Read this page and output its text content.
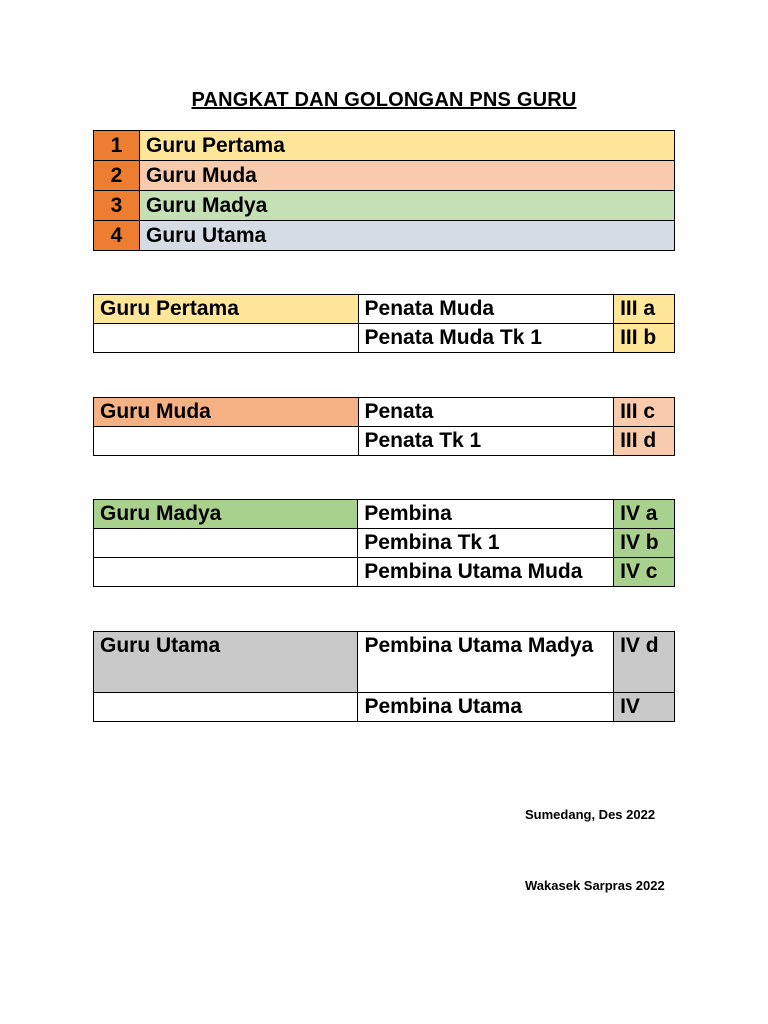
PANGKAT DAN GOLONGAN PNS GURU
1	Guru Pertama
2	Guru Muda
3	Guru Madya
4	Guru Utama
Guru Pertama	Penata Muda	III a
	Penata Muda Tk 1	III b
Guru Muda	Penata	III c
	Penata Tk 1	III d
Guru Madya	Pembina	IV a
	Pembina Tk 1	IV b
	Pembina Utama Muda	IV c
Guru Utama	Pembina Utama Madya	IV d
	Pembina Utama	IV
Sumedang, Des 2022
Wakasek Sarpras 2022
